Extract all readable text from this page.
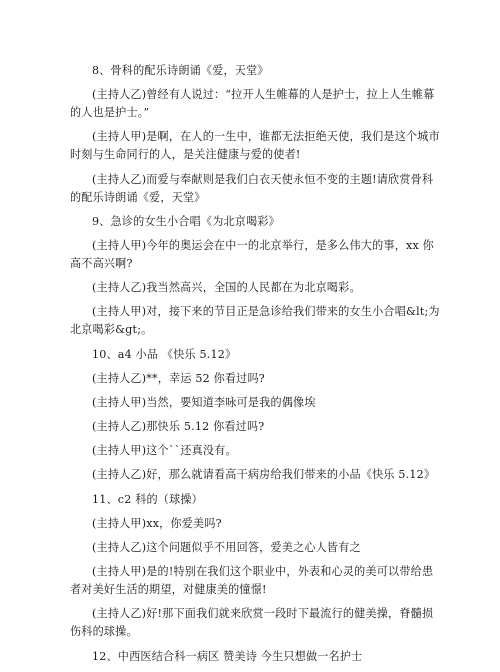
8、骨科的配乐诗朗诵《爱，天堂》

(主持人乙)曾经有人说过：“拉开人生帷幕的人是护士，拉上人生帷幕的人也是护士。”

(主持人甲)是啊，在人的一生中，谁都无法拒绝天使，我们是这个城市时刻与生命同行的人，是关注健康与爱的使者!

(主持人乙)而爱与奉献则是我们白衣天使永恒不变的主题!请欣赏骨科的配乐诗朗诵《爱，天堂》

9、急诊的女生小合唱《为北京喝彩》

(主持人甲)今年的奥运会在中一的北京举行，是多么伟大的事，xx 你高不高兴啊?

(主持人乙)我当然高兴，全国的人民都在为北京喝彩。

(主持人甲)对，接下来的节目正是急诊给我们带来的女生小合唱&lt;为北京喝彩&gt;。

10、a4 小品 《快乐 5.12》

(主持人乙)**，幸运 52 你看过吗?

(主持人甲)当然，要知道李咏可是我的偶像埃

(主持人乙)那快乐 5.12 你看过吗?

(主持人甲)这个``还真没有。

(主持人乙)好，那么就请看高干病房给我们带来的小品《快乐 5.12》

11、c2 科的（球操）

(主持人甲)xx，你爱美吗?

(主持人乙)这个问题似乎不用回答，爱美之心人皆有之

(主持人甲)是的!特别在我们这个职业中，外表和心灵的美可以带给患者对美好生活的期望，对健康美的憧憬!

(主持人乙)好!那下面我们就来欣赏一段时下最流行的健美操，脊髓损伤科的球操。

12、中西医结合科一病区 赞美诗 今生只想做一名护士
